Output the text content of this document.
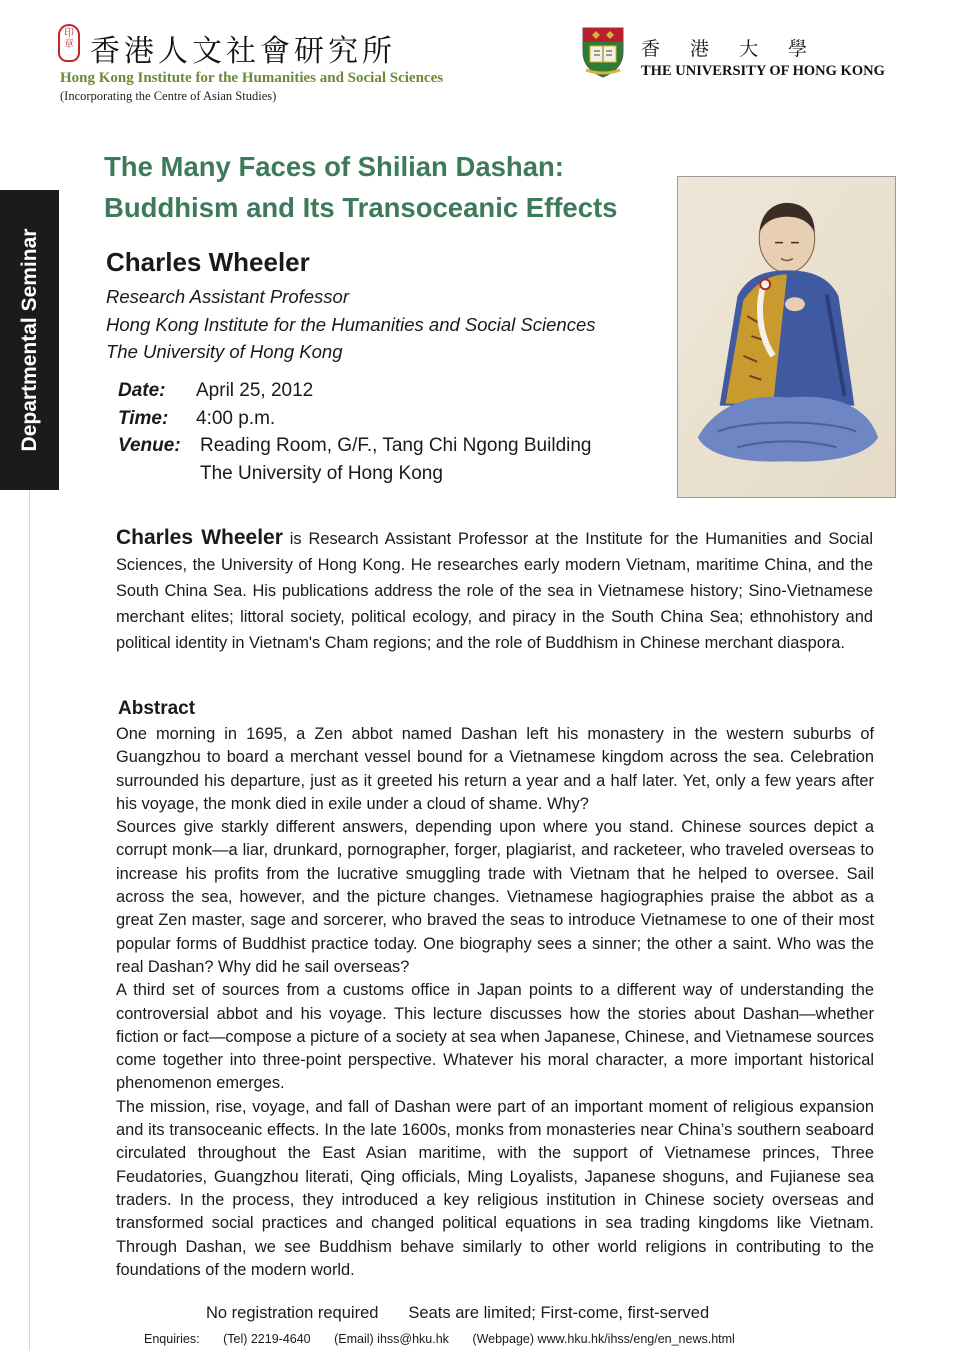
印
章 香港人文社會研究所
Hong Kong Institute for the Humanities and Social Sciences
(Incorporating the Centre of Asian Studies)
香 港 大 學
THE UNIVERSITY OF HONG KONG
Departmental Seminar
The Many Faces of Shilian Dashan:
Buddhism and Its Transoceanic Effects
Charles Wheeler
Research Assistant Professor
Hong Kong Institute for the Humanities and Social Sciences
The University of Hong Kong
Date:	April 25, 2012
Time:	4:00 p.m.
Venue:	Reading Room, G/F., Tang Chi Ngong Building
The University of Hong Kong
Charles Wheeler is Research Assistant Professor at the Institute for the Humanities and Social Sciences, the University of Hong Kong. He researches early modern Vietnam, maritime China, and the South China Sea. His publications address the role of the sea in Vietnamese history; Sino-Vietnamese merchant elites; littoral society, political ecology, and piracy in the South China Sea; ethnohistory and political identity in Vietnam's Cham regions; and the role of Buddhism in Chinese merchant diaspora.
Abstract

One morning in 1695, a Zen abbot named Dashan left his monastery in the western suburbs of Guangzhou to board a merchant vessel bound for a Vietnamese kingdom across the sea. Celebration surrounded his departure, just as it greeted his return a year and a half later. Yet, only a few years after his voyage, the monk died in exile under a cloud of shame. Why?

Sources give starkly different answers, depending upon where you stand. Chinese sources depict a corrupt monk—a liar, drunkard, pornographer, forger, plagiarist, and racketeer, who traveled overseas to increase his profits from the lucrative smuggling trade with Vietnam that he helped to oversee. Sail across the sea, however, and the picture changes. Vietnamese hagiographies praise the abbot as a great Zen master, sage and sorcerer, who braved the seas to introduce Vietnamese to one of their most popular forms of Buddhist practice today. One biography sees a sinner; the other a saint. Who was the real Dashan? Why did he sail overseas?

A third set of sources from a customs office in Japan points to a different way of understanding the controversial abbot and his voyage. This lecture discusses how the stories about Dashan—whether fiction or fact—compose a picture of a society at sea when Japanese, Chinese, and Vietnamese sources come together into three-point perspective. Whatever his moral character, a more important historical phenomenon emerges.

The mission, rise, voyage, and fall of Dashan were part of an important moment of religious expansion and its transoceanic effects. In the late 1600s, monks from monasteries near China’s southern seaboard circulated throughout the East Asian maritime, with the support of Vietnamese princes, Three Feudatories, Guangzhou literati, Qing officials, Ming Loyalists, Japanese shoguns, and Fujianese sea traders. In the process, they introduced a key religious institution in Chinese society overseas and transformed social practices and changed political equations in sea trading kingdoms like Vietnam. Through Dashan, we see Buddhism behave similarly to other world religions in contributing to the foundations of the modern world.

No registration required Seats are limited; First-come, first-served
Enquiries: (Tel) 2219-4640 (Email) ihss@hku.hk (Webpage) www.hku.hk/ihss/eng/en_news.html
